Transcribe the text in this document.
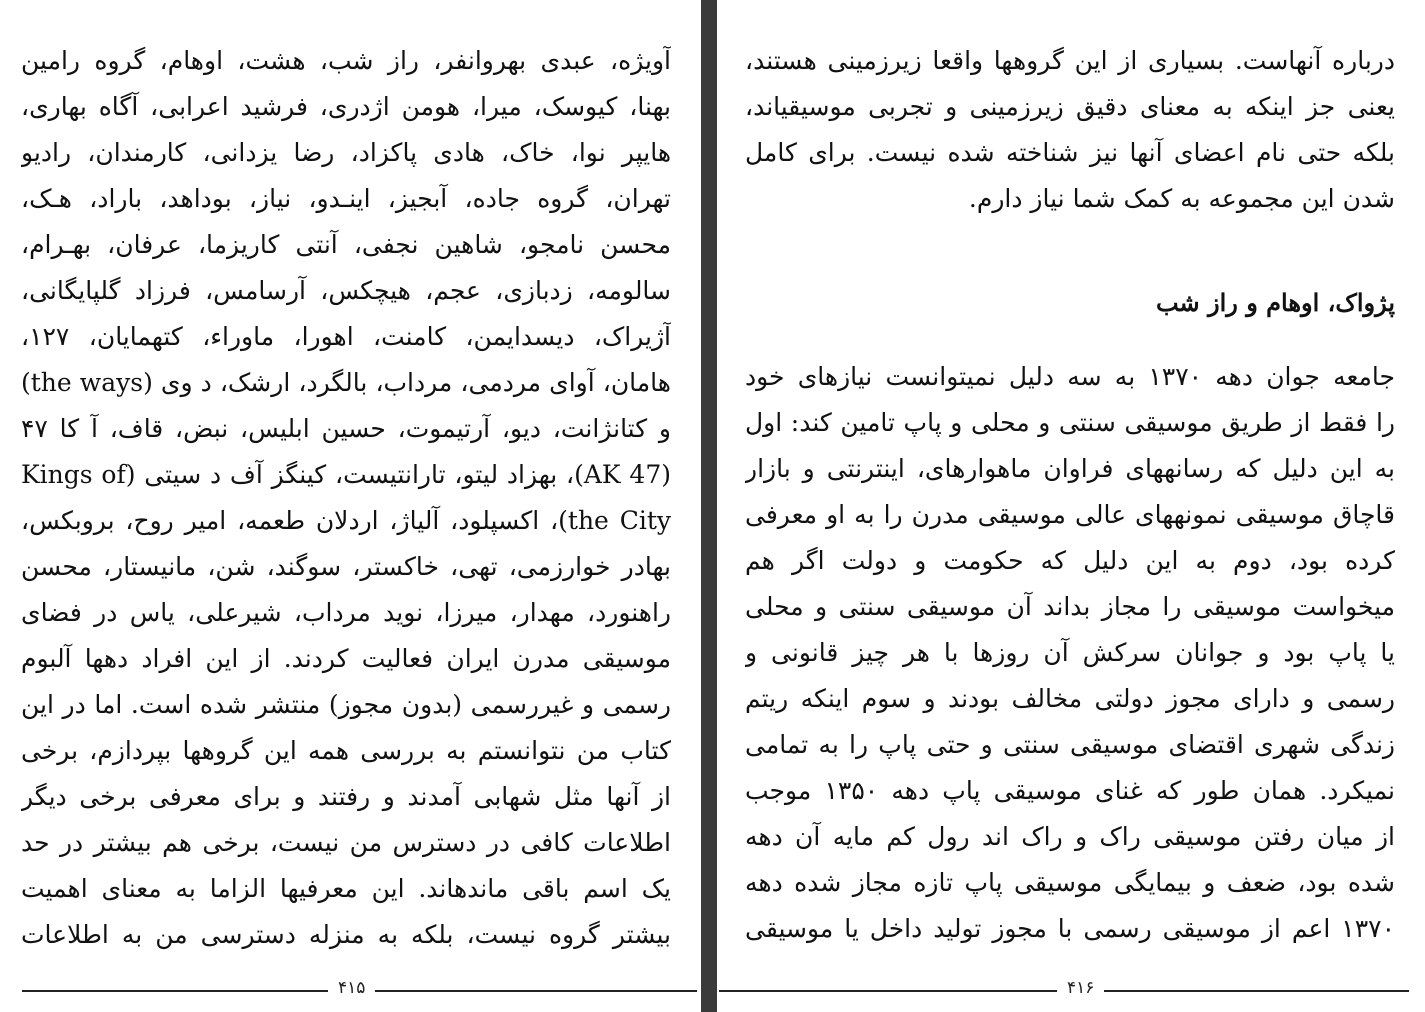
آویژه، عبدی بهروانفر، راز شب، هشت، اوهام، گروه رامین
بهنا، کیوسک، میرا، هومن اژدری، فرشید اعرابی، آگاه بهاری،
هایپر نوا، خاک، هادی پاکزاد، رضا یزدانی، کارمندان، رادیو
تهران، گروه جاده، آبجیز، اینـدو، نیاز، بوداهد، باراد، هـک،
محسن نامجو، شاهین نجفی، آنتی کاریزما، عرفان، بهـرام،
سالومه، زدبازی، عجم، هیچکس، آرسامس، فرزاد گلپایگانی،
آژیراک، دیسدایمن، کامنت، اهورا، ماوراء، کتهمایان، ۱۲۷،
هامان، آوای مردمی، مرداب، بالگرد، ارشک، د وی (the ways)
و کتانژانت، دیو، آرتیموت، حسین ابلیس، نبض، قاف، آ کا ۴۷
(AK 47)، بهزاد لیتو، تارانتیست، کینگز آف د سیتی (Kings of
the City)، اکسپلود، آلیاژ، اردلان طعمه، امیر روح، بروبکس،
بهادر خوارزمی، تهی، خاکستر، سوگند، شن، مانیستار، محسن
راهنورد، مهدار، میرزا، نوید مرداب، شیرعلی، یاس در فضای
موسیقی مدرن ایران فعالیت کردند. از این افراد دهها آلبوم
رسمی و غیررسمی (بدون مجوز) منتشر شده است. اما در این
کتاب من نتوانستم به بررسی همه این گروهها بپردازم، برخی
از آنها مثل شهابی آمدند و رفتند و برای معرفی برخی دیگر
اطلاعات کافی در دسترس من نیست، برخی هم بیشتر در حد
یک اسم باقی ماندهاند. این معرفیها الزاما به معنای اهمیت
بیشتر گروه نیست، بلکه به منزله دسترسی من به اطلاعات
۴۱۵
درباره آنهاست. بسیاری از این گروهها واقعا زیرزمینی هستند،
یعنی جز اینکه به معنای دقیق زیرزمینی و تجربی موسیقیاند،
بلکه حتی نام اعضای آنها نیز شناخته شده نیست. برای کامل
شدن این مجموعه به کمک شما نیاز دارم.
پژواک، اوهام و راز شب
جامعه جوان دهه ۱۳۷۰ به سه دلیل نمیتوانست نیازهای خود
را فقط از طریق موسیقی سنتی و محلی و پاپ تامین کند: اول
به این دلیل که رسانههای فراوان ماهوارهای، اینترنتی و بازار
قاچاق موسیقی نمونههای عالی موسیقی مدرن را به او معرفی
کرده بود، دوم به این دلیل که حکومت و دولت اگر هم
میخواست موسیقی را مجاز بداند آن موسیقی سنتی و محلی
یا پاپ بود و جوانان سرکش آن روزها با هر چیز قانونی و
رسمی و دارای مجوز دولتی مخالف بودند و سوم اینکه ریتم
زندگی شهری اقتضای موسیقی سنتی و حتی پاپ را به تمامی
نمیکرد. همان طور که غنای موسیقی پاپ دهه ۱۳۵۰ موجب
از میان رفتن موسیقی راک و راک اند رول کم مایه آن دهه
شده بود، ضعف و بیمایگی موسیقی پاپ تازه مجاز شده دهه
۱۳۷۰ اعم از موسیقی رسمی با مجوز تولید داخل یا موسیقی
۴۱۶
